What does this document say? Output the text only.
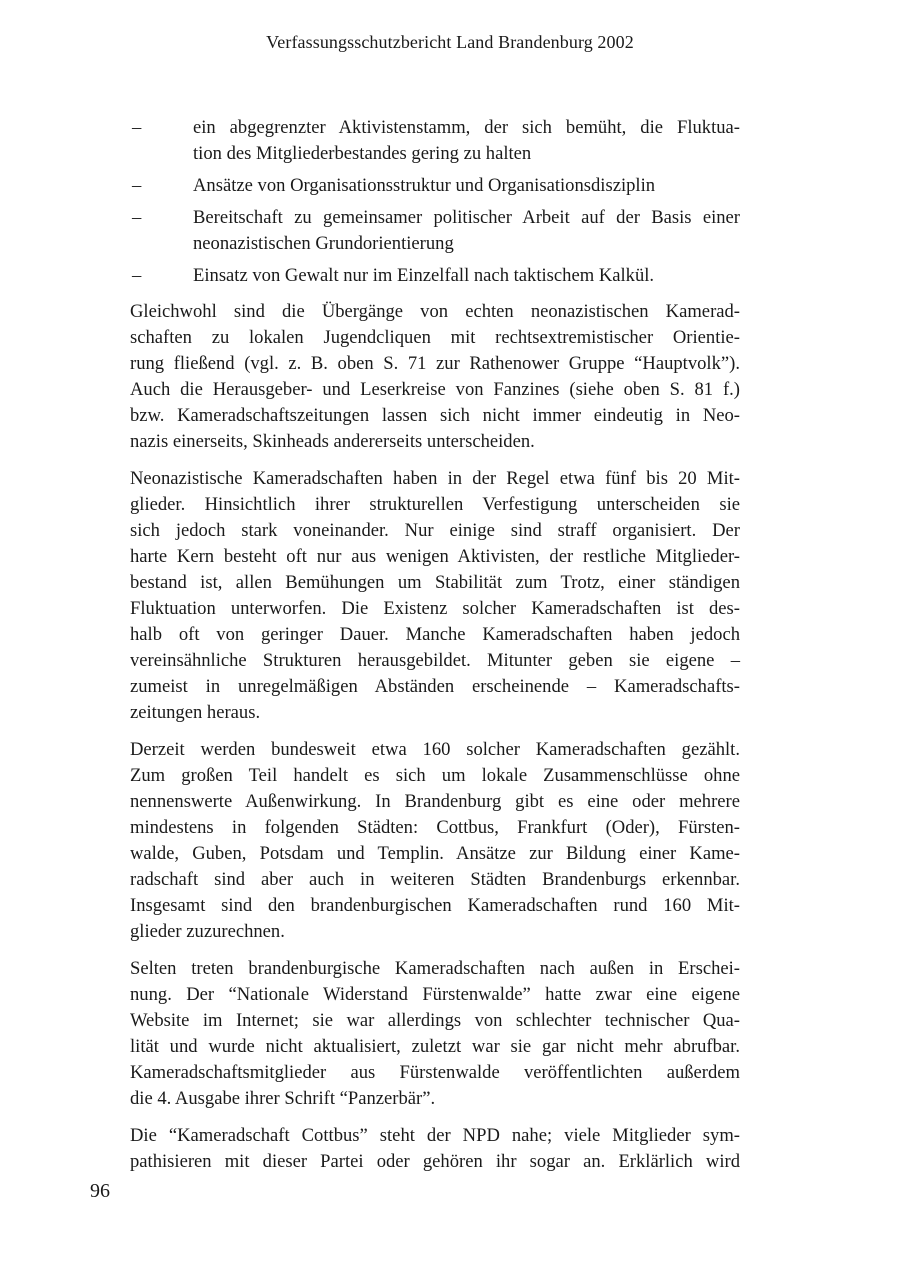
Verfassungsschutzbericht Land Brandenburg 2002
–	ein abgegrenzter Aktivistenstamm, der sich bemüht, die Fluktua-
tion des Mitgliederbestandes gering zu halten
–	Ansätze von Organisationsstruktur und Organisationsdisziplin
–	Bereitschaft zu gemeinsamer politischer Arbeit auf der Basis einer
neonazistischen Grundorientierung
–	Einsatz von Gewalt nur im Einzelfall nach taktischem Kalkül.

Gleichwohl sind die Übergänge von echten neonazistischen Kamerad-
schaften zu lokalen Jugendcliquen mit rechtsextremistischer Orientie-
rung fließend (vgl. z. B. oben S. 71 zur Rathenower Gruppe “Hauptvolk”).
Auch die Herausgeber- und Leserkreise von Fanzines (siehe oben S. 81 f.)
bzw. Kameradschaftszeitungen lassen sich nicht immer eindeutig in Neo-
nazis einerseits, Skinheads andererseits unterscheiden.

Neonazistische Kameradschaften haben in der Regel etwa fünf bis 20 Mit-
glieder. Hinsichtlich ihrer strukturellen Verfestigung unterscheiden sie
sich jedoch stark voneinander. Nur einige sind straff organisiert. Der
harte Kern besteht oft nur aus wenigen Aktivisten, der restliche Mitglieder-
bestand ist, allen Bemühungen um Stabilität zum Trotz, einer ständigen
Fluktuation unterworfen. Die Existenz solcher Kameradschaften ist des-
halb oft von geringer Dauer. Manche Kameradschaften haben jedoch
vereinsähnliche Strukturen herausgebildet. Mitunter geben sie eigene –
zumeist in unregelmäßigen Abständen erscheinende – Kameradschafts-
zeitungen heraus.

Derzeit werden bundesweit etwa 160 solcher Kameradschaften gezählt.
Zum großen Teil handelt es sich um lokale Zusammenschlüsse ohne
nennenswerte Außenwirkung. In Brandenburg gibt es eine oder mehrere
mindestens in folgenden Städten: Cottbus, Frankfurt (Oder), Fürsten-
walde, Guben, Potsdam und Templin. Ansätze zur Bildung einer Kame-
radschaft sind aber auch in weiteren Städten Brandenburgs erkennbar.
Insgesamt sind den brandenburgischen Kameradschaften rund 160 Mit-
glieder zuzurechnen.

Selten treten brandenburgische Kameradschaften nach außen in Erschei-
nung. Der “Nationale Widerstand Fürstenwalde” hatte zwar eine eigene
Website im Internet; sie war allerdings von schlechter technischer Qua-
lität und wurde nicht aktualisiert, zuletzt war sie gar nicht mehr abrufbar.
Kameradschaftsmitglieder aus Fürstenwalde veröffentlichten außerdem
die 4. Ausgabe ihrer Schrift “Panzerbär”.

Die “Kameradschaft Cottbus” steht der NPD nahe; viele Mitglieder sym-
pathisieren mit dieser Partei oder gehören ihr sogar an. Erklärlich wird

96
